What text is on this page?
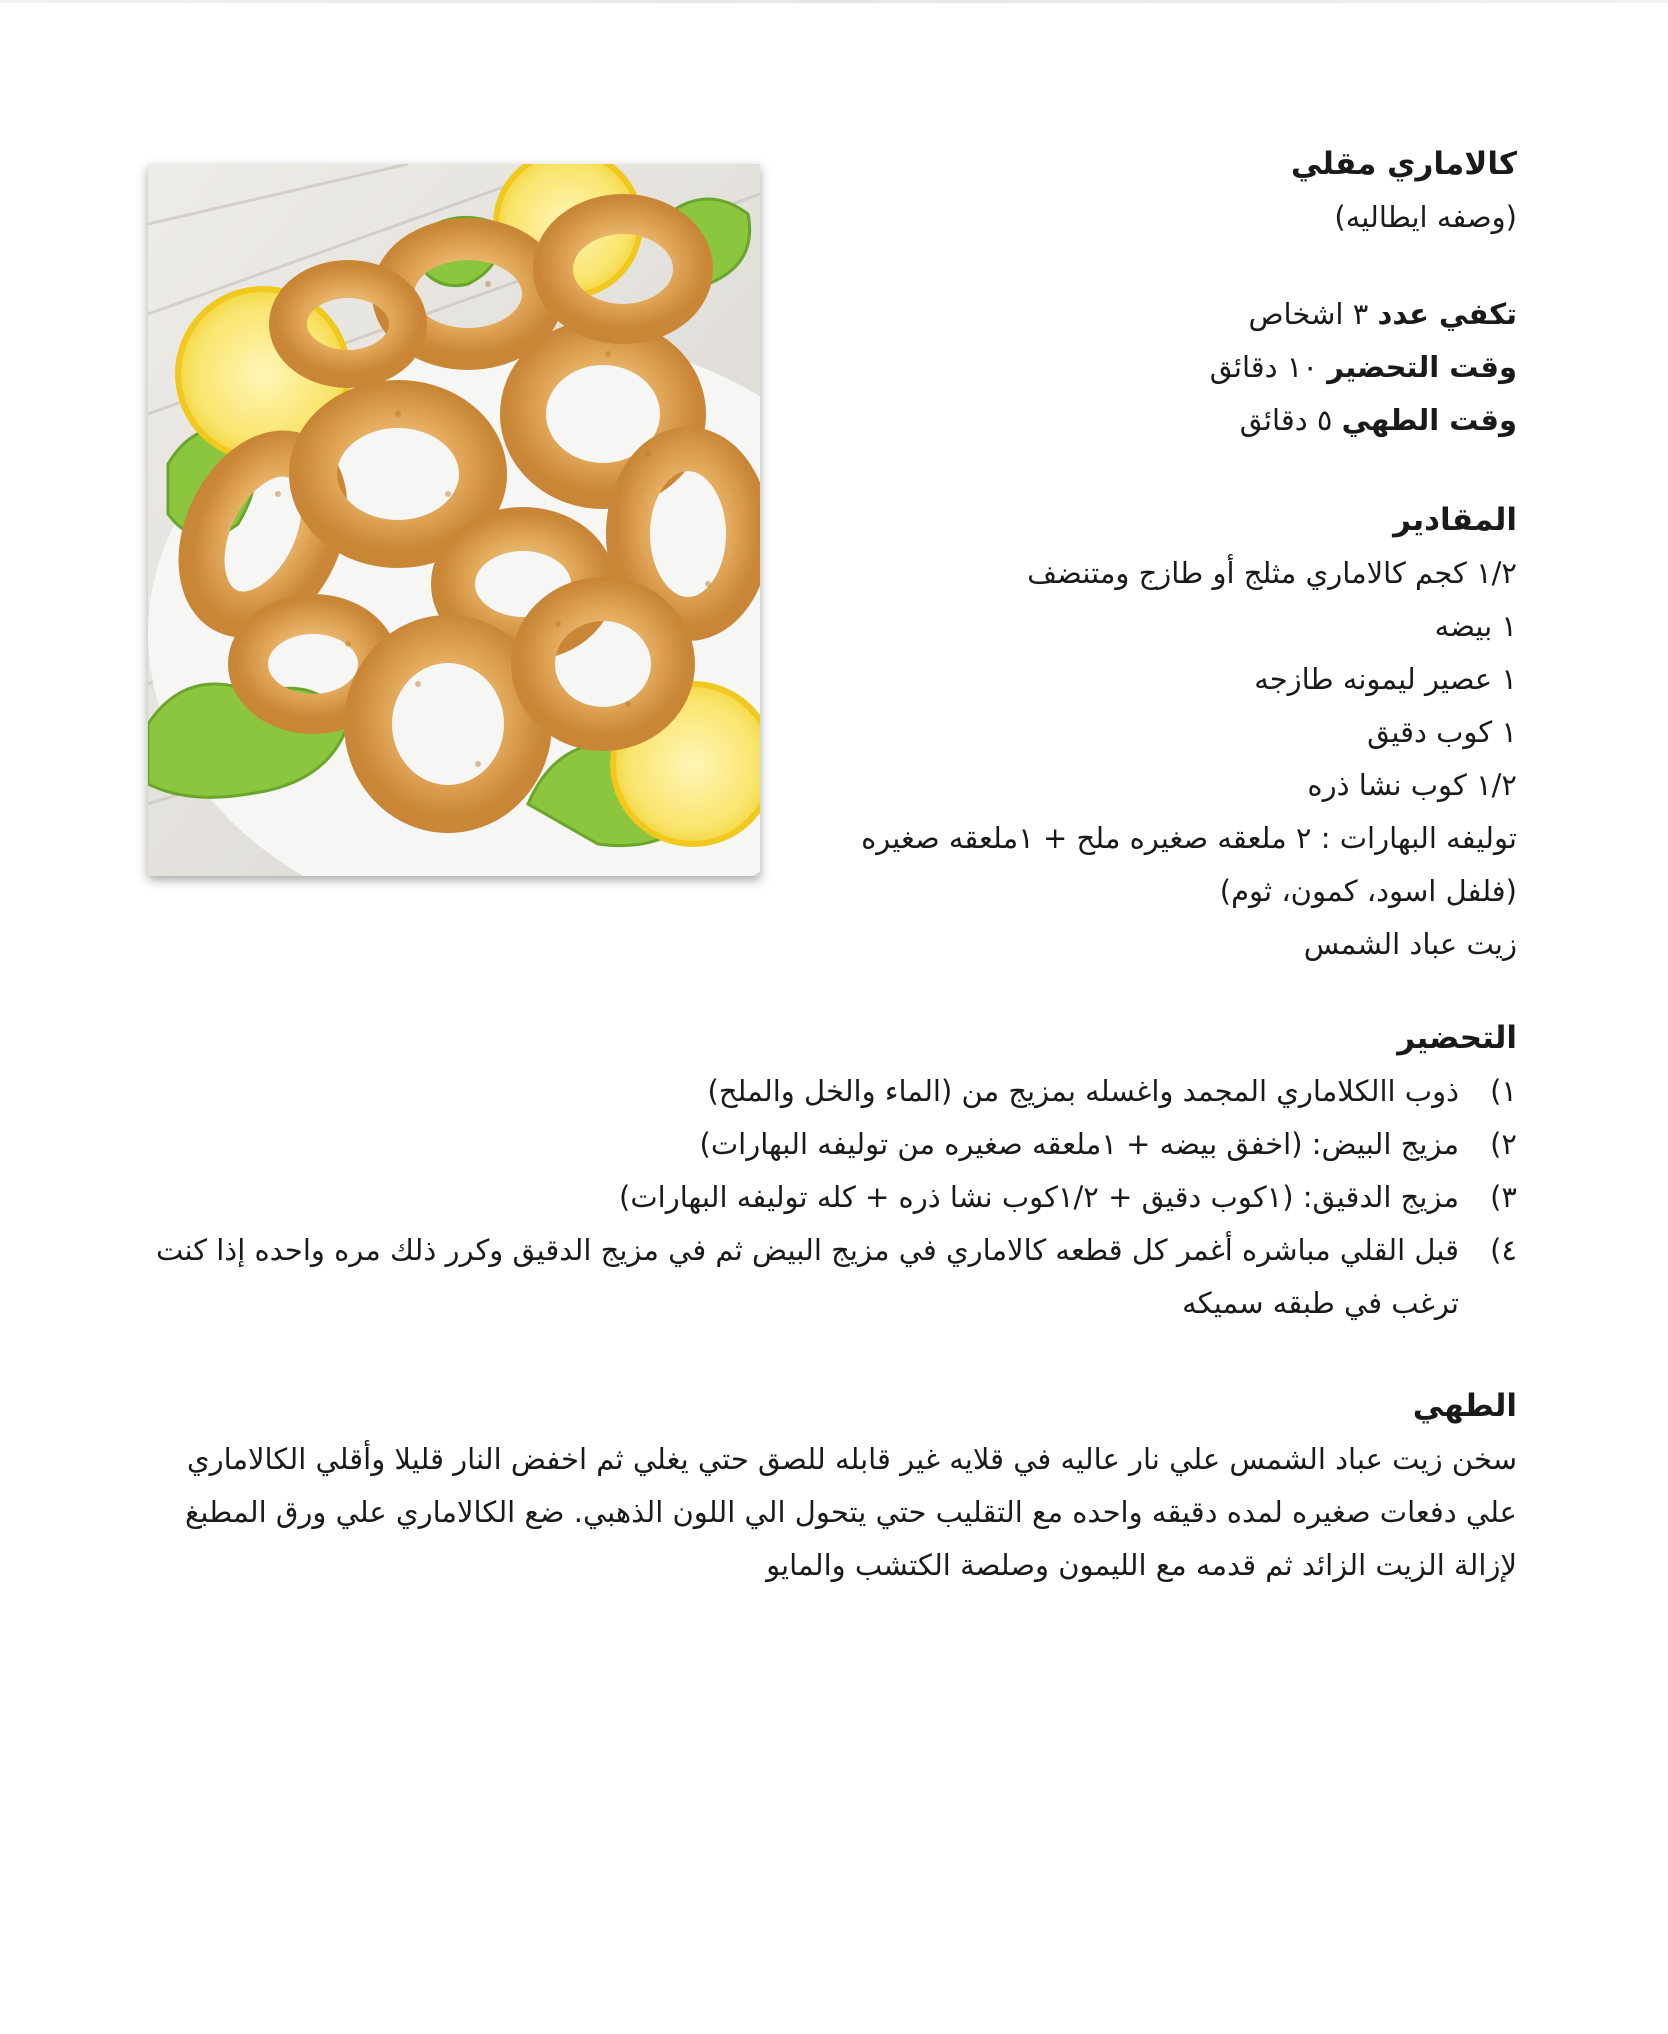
كالاماري مقلي
(وصفه ايطاليه)
تكفي عدد ٣ اشخاص
وقت التحضير ١٠ دقائق
وقت الطهي ٥ دقائق
المقادير
١/٢ كجم كالاماري مثلج أو طازج ومتنضف
١ بيضه
١ عصير ليمونه طازجه
١ كوب دقيق
١/٢ كوب نشا ذره
توليفه البهارات : ٢ ملعقه صغيره ملح + ١ملعقه صغيره
(فلفل اسود، كمون، ثوم)
زيت عباد الشمس
التحضير
١)
ذوب االكلاماري المجمد واغسله بمزيج من (الماء والخل والملح)
٢)
مزيج البيض: (اخفق بيضه + ١ملعقه صغيره من توليفه البهارات)
٣)
مزيج الدقيق: (١كوب دقيق + ١/٢كوب نشا ذره + كله توليفه البهارات)
٤)
قبل القلي مباشره أغمر كل قطعه كالاماري في مزيج البيض ثم في مزيج الدقيق وكرر ذلك مره واحده إذا كنت ترغب في طبقه سميكه
الطهي
سخن زيت عباد الشمس علي نار عاليه في قلايه غير قابله للصق حتي يغلي ثم اخفض النار قليلا وأقلي الكالاماري علي دفعات صغيره لمده دقيقه واحده مع التقليب حتي يتحول الي اللون الذهبي. ضع الكالاماري علي ورق المطبغ لإزالة الزيت الزائد ثم قدمه مع الليمون وصلصة الكتشب والمايو
